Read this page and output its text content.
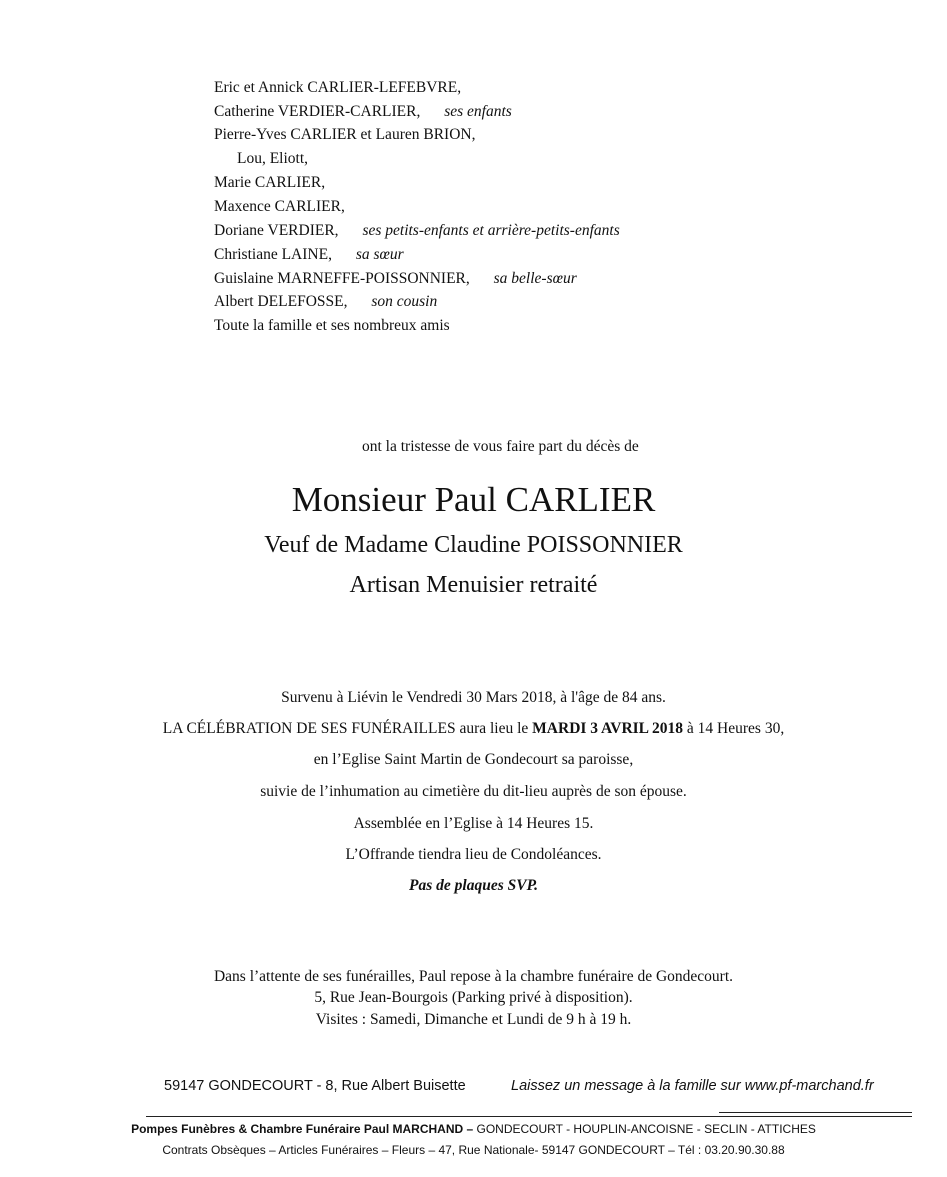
Eric et Annick CARLIER-LEFEBVRE,
Catherine VERDIER-CARLIER, ses enfants
Pierre-Yves CARLIER et Lauren BRION,
Lou, Eliott,
Marie CARLIER,
Maxence CARLIER,
Doriane VERDIER, ses petits-enfants et arrière-petits-enfants
Christiane LAINE, sa sœur
Guislaine MARNEFFE-POISSONNIER, sa belle-sœur
Albert DELEFOSSE, son cousin
Toute la famille et ses nombreux amis
ont la tristesse de vous faire part du décès de
Monsieur Paul CARLIER
Veuf de Madame Claudine POISSONNIER
Artisan Menuisier retraité
Survenu à Liévin le Vendredi 30 Mars 2018, à l'âge de 84 ans.
LA CÉLÉBRATION DE SES FUNÉRAILLES aura lieu le MARDI 3 AVRIL 2018 à 14 Heures 30,
en l’Eglise Saint Martin de Gondecourt sa paroisse,
suivie de l’inhumation au cimetière du dit-lieu auprès de son épouse.
Assemblée en l’Eglise à 14 Heures 15.
L’Offrande tiendra lieu de Condoléances.
Pas de plaques SVP.
Dans l’attente de ses funérailles, Paul repose à la chambre funéraire de Gondecourt.
5, Rue Jean-Bourgois (Parking privé à disposition).
Visites : Samedi, Dimanche et Lundi de 9 h à 19 h.
59147 GONDECOURT - 8, Rue Albert Buisette	Laissez un message à la famille sur www.pf-marchand.fr
Pompes Funèbres & Chambre Funéraire Paul MARCHAND – GONDECOURT - HOUPLIN-ANCOISNE - SECLIN - ATTICHES
Contrats Obsèques – Articles Funéraires – Fleurs – 47, Rue Nationale- 59147 GONDECOURT – Tél : 03.20.90.30.88
